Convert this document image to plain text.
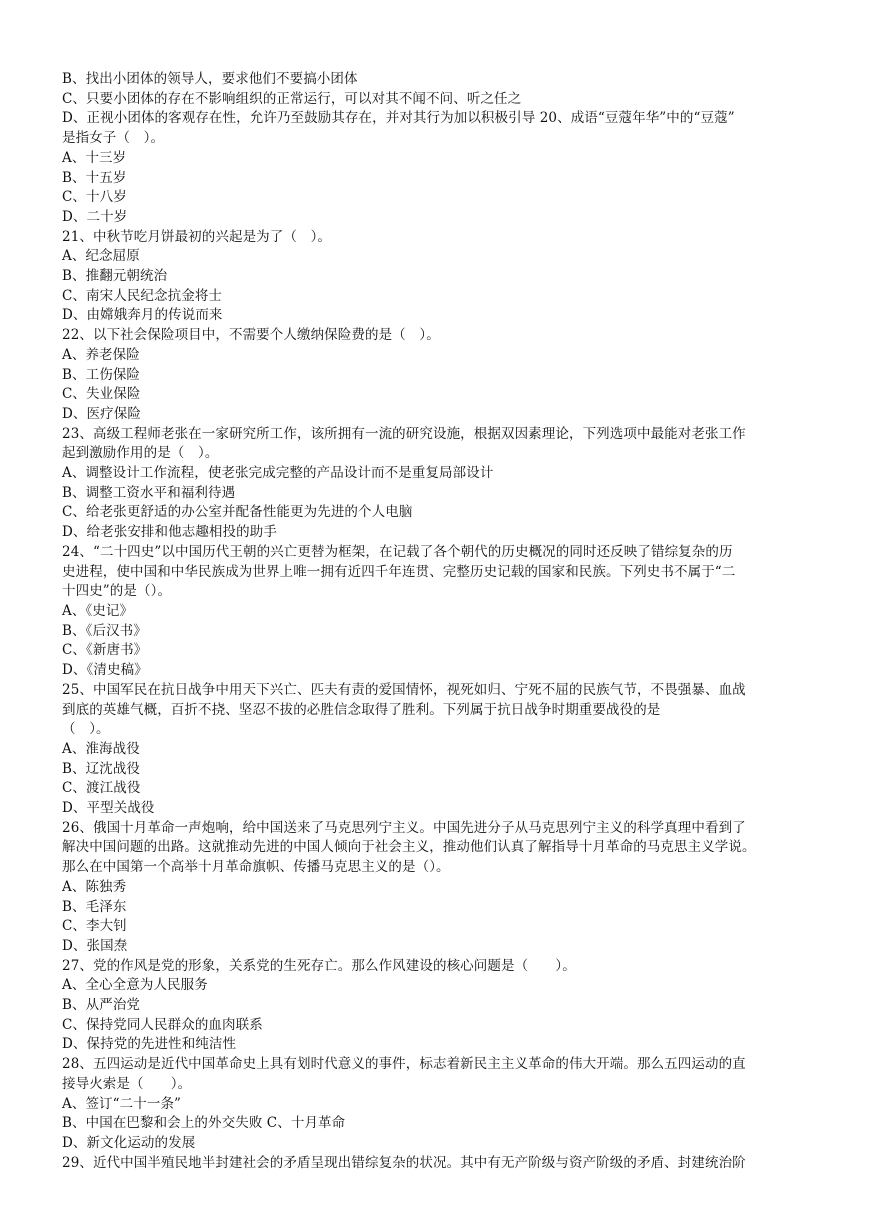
B、找出小团体的领导人，要求他们不要搞小团体
C、只要小团体的存在不影响组织的正常运行，可以对其不闻不问、听之任之
D、正视小团体的客观存在性，允许乃至鼓励其存在，并对其行为加以积极引导 20、成语“豆蔻年华”中的“豆蔻”
是指女子（　）。
A、十三岁
B、十五岁
C、十八岁
D、二十岁
21、中秋节吃月饼最初的兴起是为了（　）。
A、纪念屈原
B、推翻元朝统治
C、南宋人民纪念抗金将士
D、由嫦娥奔月的传说而来
22、以下社会保险项目中，不需要个人缴纳保险费的是（　）。
A、养老保险
B、工伤保险
C、失业保险
D、医疗保险
23、高级工程师老张在一家研究所工作，该所拥有一流的研究设施，根据双因素理论，下列选项中最能对老张工作
起到激励作用的是（　）。
A、调整设计工作流程，使老张完成完整的产品设计而不是重复局部设计
B、调整工资水平和福利待遇
C、给老张更舒适的办公室并配备性能更为先进的个人电脑
D、给老张安排和他志趣相投的助手
24、“二十四史”以中国历代王朝的兴亡更替为框架，在记载了各个朝代的历史概况的同时还反映了错综复杂的历
史进程，使中国和中华民族成为世界上唯一拥有近四千年连贯、完整历史记载的国家和民族。下列史书不属于“二
十四史”的是（）。
A、《史记》
B、《后汉书》
C、《新唐书》
D、《清史稿》
25、中国军民在抗日战争中用天下兴亡、匹夫有责的爱国情怀，视死如归、宁死不屈的民族气节，不畏强暴、血战
到底的英雄气概，百折不挠、坚忍不拔的必胜信念取得了胜利。下列属于抗日战争时期重要战役的是
（　）。
A、淮海战役
B、辽沈战役
C、渡江战役
D、平型关战役
26、俄国十月革命一声炮响，给中国送来了马克思列宁主义。中国先进分子从马克思列宁主义的科学真理中看到了
解决中国问题的出路。这就推动先进的中国人倾向于社会主义，推动他们认真了解指导十月革命的马克思主义学说。
那么在中国第一个高举十月革命旗帜、传播马克思主义的是（）。
A、陈独秀
B、毛泽东
C、李大钊
D、张国焘
27、党的作风是党的形象，关系党的生死存亡。那么作风建设的核心问题是（　　）。
A、全心全意为人民服务
B、从严治党
C、保持党同人民群众的血肉联系
D、保持党的先进性和纯洁性
28、五四运动是近代中国革命史上具有划时代意义的事件，标志着新民主主义革命的伟大开端。那么五四运动的直
接导火索是（　　）。
A、签订“二十一条”
B、中国在巴黎和会上的外交失败 C、十月革命
D、新文化运动的发展
29、近代中国半殖民地半封建社会的矛盾呈现出错综复杂的状况。其中有无产阶级与资产阶级的矛盾、封建统治阶
